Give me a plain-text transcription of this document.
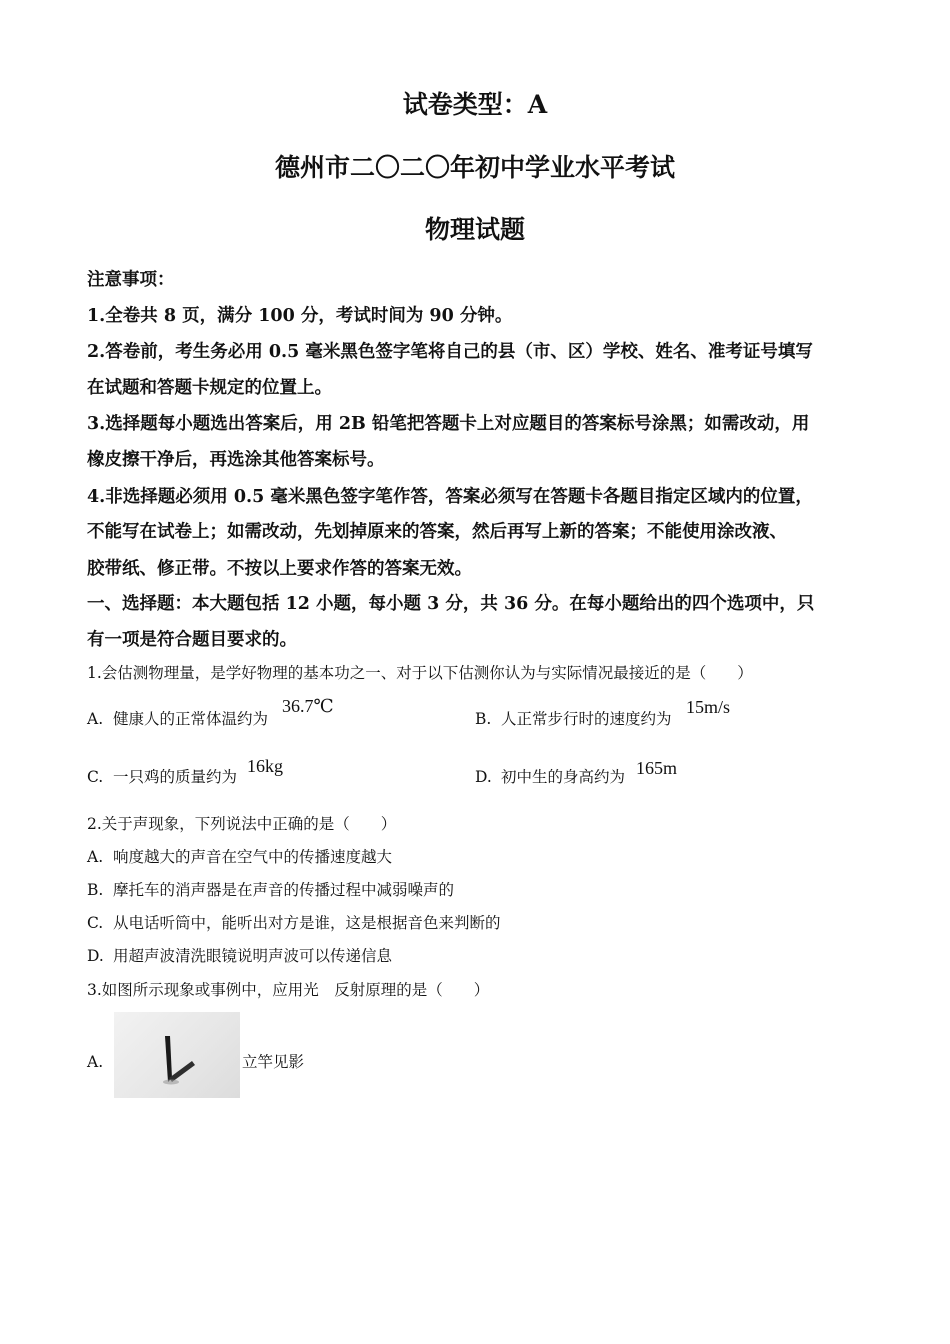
试卷类型：A
德州市二〇二〇年初中学业水平考试
物理试题
注意事项：
1.全卷共 8 页，满分 100 分，考试时间为 90 分钟。
2.答卷前，考生务必用 0.5 毫米黑色签字笔将自己的县（市、区）学校、姓名、准考证号填写
在试题和答题卡规定的位置上。
3.选择题每小题选出答案后，用 2B 铅笔把答题卡上对应题目的答案标号涂黑；如需改动，用
橡皮擦干净后，再选涂其他答案标号。
4.非选择题必须用 0.5 毫米黑色签字笔作答，答案必须写在答题卡各题目指定区域内的位置，
不能写在试卷上；如需改动，先划掉原来的答案，然后再写上新的答案；不能使用涂改液、
胶带纸、修正带。不按以上要求作答的答案无效。
一、选择题：本大题包括 12 小题，每小题 3 分，共 36 分。在每小题给出的四个选项中，只
有一项是符合题目要求的。
1.会估测物理量，是学好物理的基本功之一、对于以下估测你认为与实际情况最接近的是（　　）
A. 健康人的正常体温约为
36.7℃
B. 人正常步行时的速度约为
15m/s
C. 一只鸡的质量约为
16kg
D. 初中生的身高约为 165m
2.关于声现象，下列说法中正确的是（　　）
A. 响度越大的声音在空气中的传播速度越大
B. 摩托车的消声器是在声音的传播过程中减弱噪声的
C. 从电话听筒中，能听出对方是谁，这是根据音色来判断的
D. 用超声波清洗眼镜说明声波可以传递信息
3.如图所示现象或事例中，应用光　反射原理的是（　　）
A.	立竿见影
